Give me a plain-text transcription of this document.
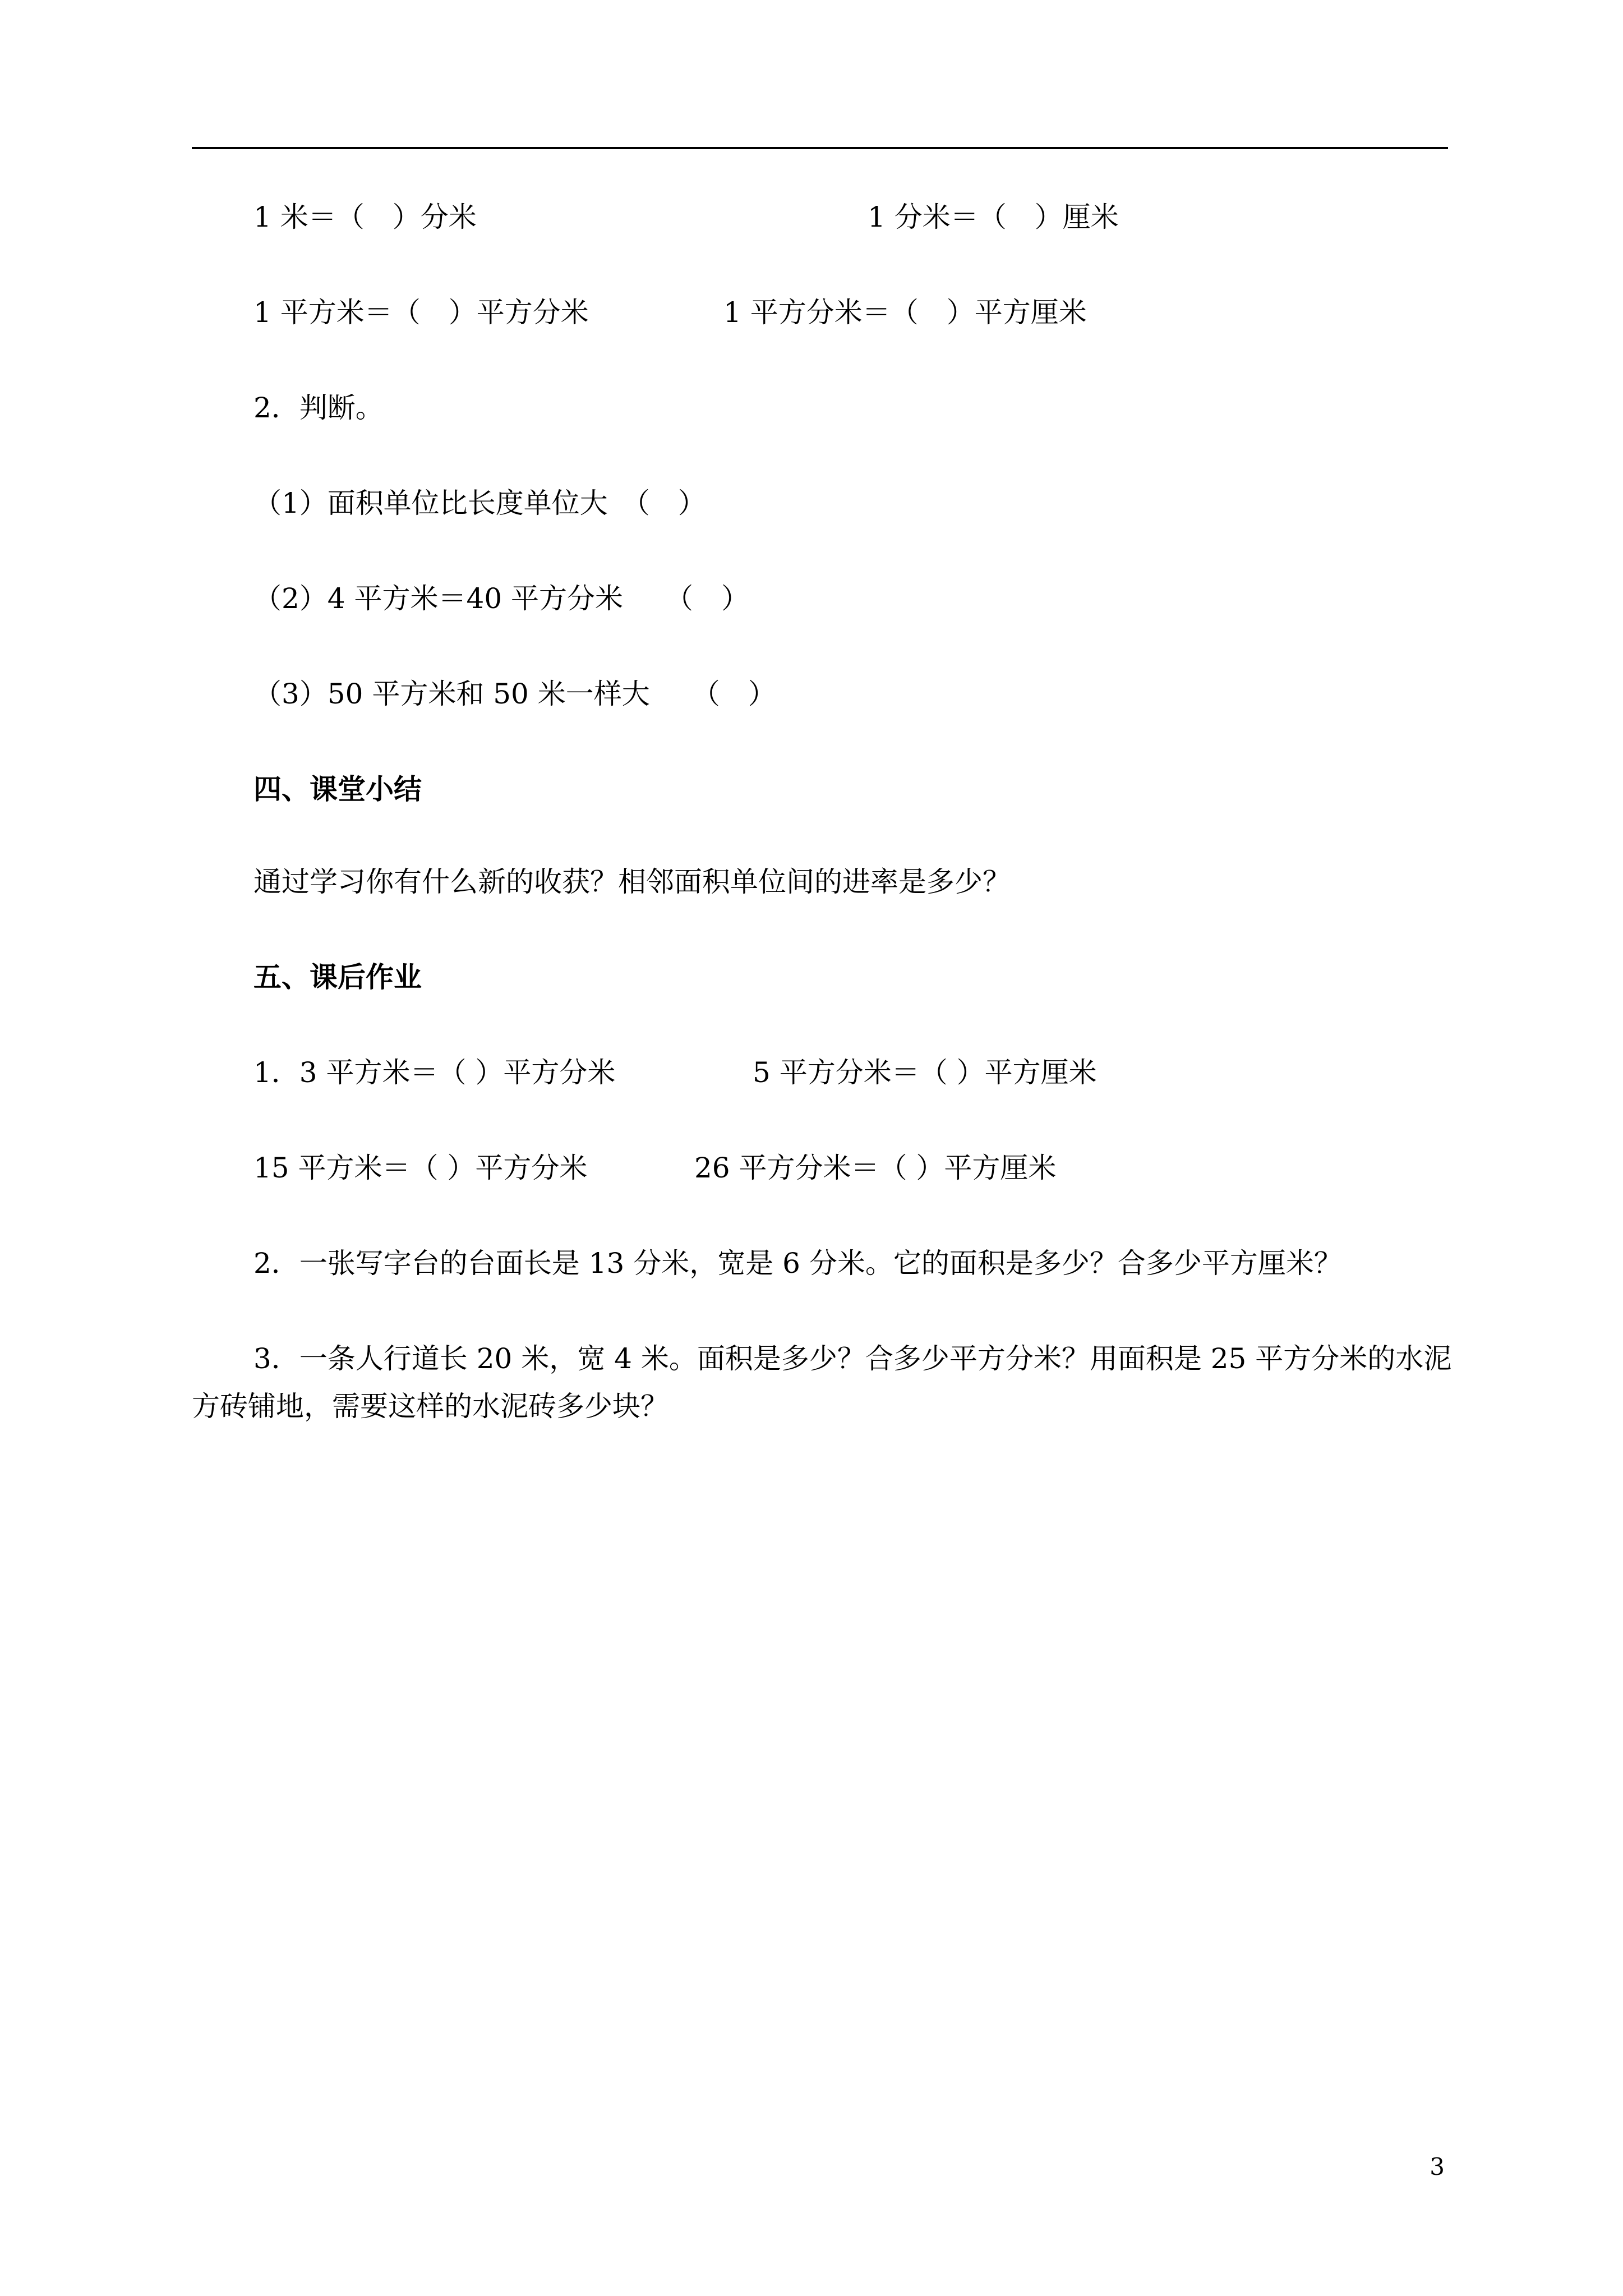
1 米＝（　）分米	1 分米＝（　）厘米
1 平方米＝（　）平方分米	1 平方分米＝（　）平方厘米
2．判断。
（1）面积单位比长度单位大　（　）
（2）4 平方米＝40 平方分米　　（　）
（3）50 平方米和 50 米一样大　　（　）
四、课堂小结
通过学习你有什么新的收获？相邻面积单位间的进率是多少？
五、课后作业
1．3 平方米＝（ ）平方分米	5 平方分米＝（ ）平方厘米
15 平方米＝（ ）平方分米	26 平方分米＝（ ）平方厘米
2．一张写字台的台面长是 13 分米，宽是 6 分米。它的面积是多少？合多少平方厘米？
3．一条人行道长 20 米，宽 4 米。面积是多少？合多少平方分米？用面积是 25 平方分米的水泥
方砖铺地，需要这样的水泥砖多少块？
3
